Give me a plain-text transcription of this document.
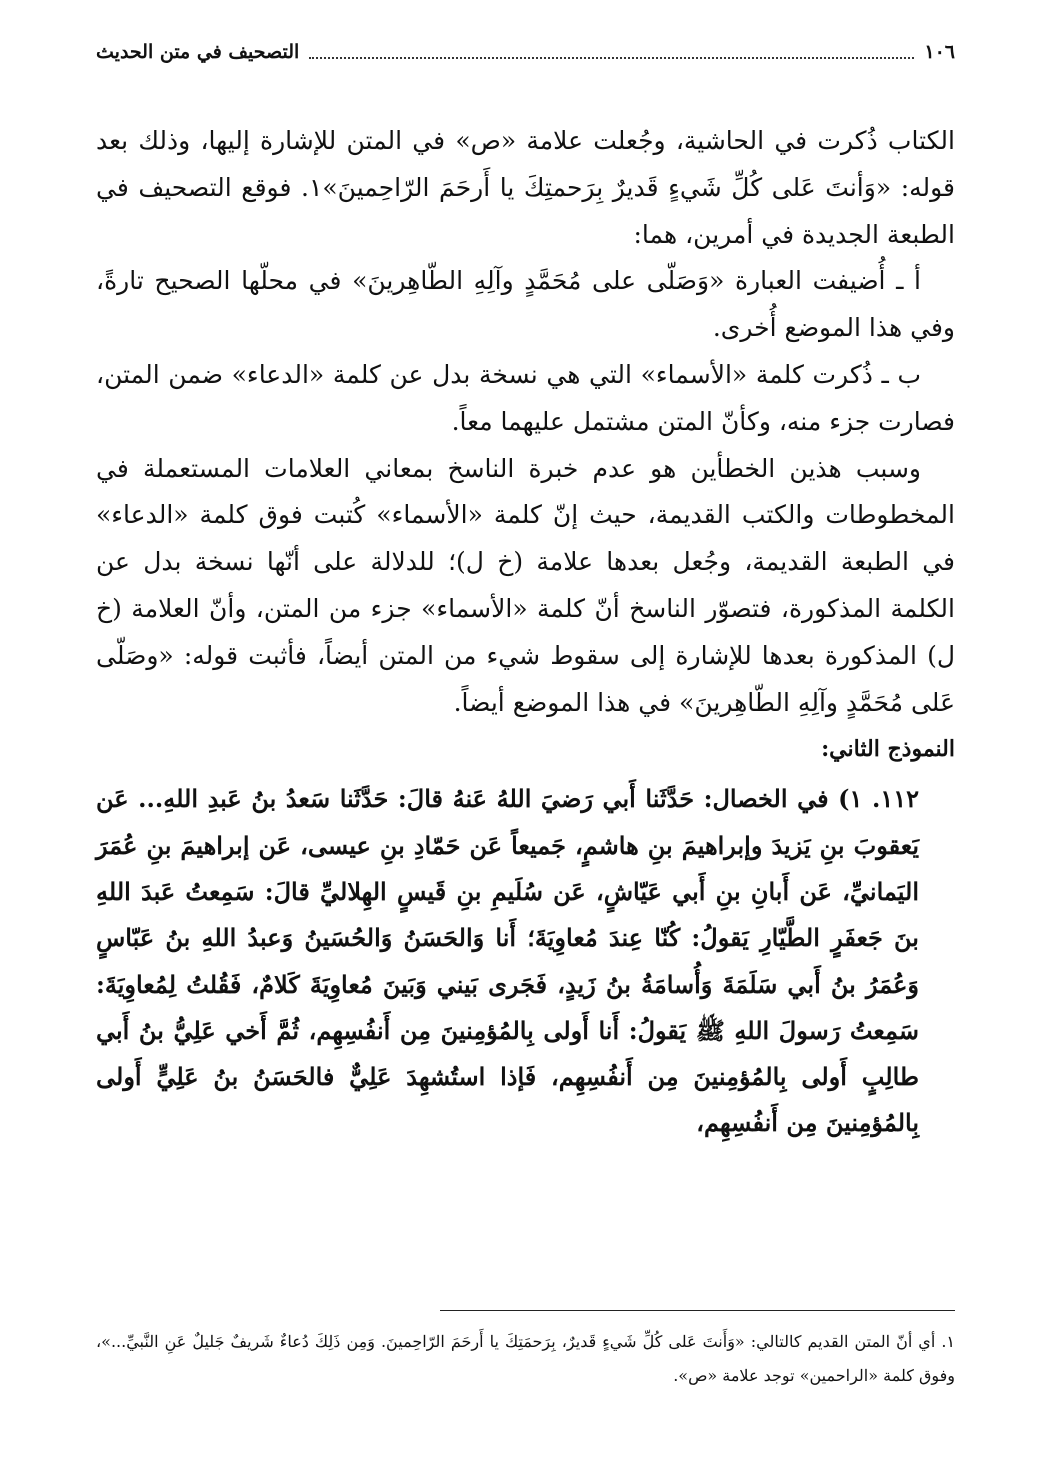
١٠٦
التصحيف في متن الحديث

الكتاب ذُكرت في الحاشية، وجُعلت علامة «ص» في المتن للإشارة إليها، وذلك بعد قوله: «وَأنتَ عَلى كُلِّ شَيءٍ قَديرٌ بِرَحمتِكَ يا أَرحَمَ الرّاحِمينَ»١. فوقع التصحيف في الطبعة الجديدة في أمرين، هما:

أ ـ أُضيفت العبارة «وَصَلّى على مُحَمَّدٍ وآلِهِ الطّاهِرينَ» في محلّها الصحيح تارةً، وفي هذا الموضع أُخرى.

ب ـ ذُكرت كلمة «الأسماء» التي هي نسخة بدل عن كلمة «الدعاء» ضمن المتن، فصارت جزء منه، وكأنّ المتن مشتمل عليهما معاً.

وسبب هذين الخطأين هو عدم خبرة الناسخ بمعاني العلامات المستعملة في المخطوطات والكتب القديمة، حيث إنّ كلمة «الأسماء» كُتبت فوق كلمة «الدعاء» في الطبعة القديمة، وجُعل بعدها علامة (خ ل)؛ للدلالة على أنّها نسخة بدل عن الكلمة المذكورة، فتصوّر الناسخ أنّ كلمة «الأسماء» جزء من المتن، وأنّ العلامة (خ ل) المذكورة بعدها للإشارة إلى سقوط شيء من المتن أيضاً، فأثبت قوله: «وصَلّى عَلى مُحَمَّدٍ وآلِهِ الطّاهِرينَ» في هذا الموضع أيضاً.

النموذج الثاني:

١١٢. ١) في الخصال: حَدَّثَنا أَبي رَضيَ اللهُ عَنهُ قالَ: حَدَّثَنا سَعدُ بنُ عَبدِ اللهِ... عَن يَعقوبَ بنِ يَزيدَ وإبراهيمَ بنِ هاشمٍ، جَميعاً عَن حَمّادِ بنِ عيسى، عَن إبراهيمَ بنِ عُمَرَ اليَمانيِّ، عَن أَبانِ بنِ أَبي عَيّاشٍ، عَن سُلَيمِ بنِ قَيسٍ الهِلاليِّ قالَ: سَمِعتُ عَبدَ اللهِ بنَ جَعفَرٍ الطَّيّارِ يَقولُ: كُنّا عِندَ مُعاوِيَةَ؛ أَنا وَالحَسَنُ وَالحُسَينُ وَعبدُ اللهِ بنُ عَبّاسٍ وَعُمَرُ بنُ أَبي سَلَمَةَ وَأُسامَةُ بنُ زَيدٍ، فَجَرى بَيني وَبَينَ مُعاوِيَةَ كَلامٌ، فَقُلتُ لِمُعاوِيَةَ: سَمِعتُ رَسولَ اللهِ ﷺ يَقولُ: أَنا أَولى بِالمُؤمِنينَ مِن أَنفُسِهِم، ثُمَّ أَخي عَلِيُّ بنُ أَبي طالِبٍ أَولى بِالمُؤمِنينَ مِن أَنفُسِهِم، فَإذا استُشهِدَ عَلِيٌّ فالحَسَنُ بنُ عَلِيٍّ أَولى بِالمُؤمِنينَ مِن أَنفُسِهِم،

١. أي أنّ المتن القديم كالتالي: «وَأَنتَ عَلى كُلِّ شَيءٍ قَديرٌ، بِرَحمَتِكَ يا أَرحَمَ الرّاحِمينَ. وَمِن ذَلِكَ دُعاءٌ شَريفٌ جَليلٌ عَنِ النَّبيِّ...»، وفوق كلمة «الراحمين» توجد علامة «ص».
